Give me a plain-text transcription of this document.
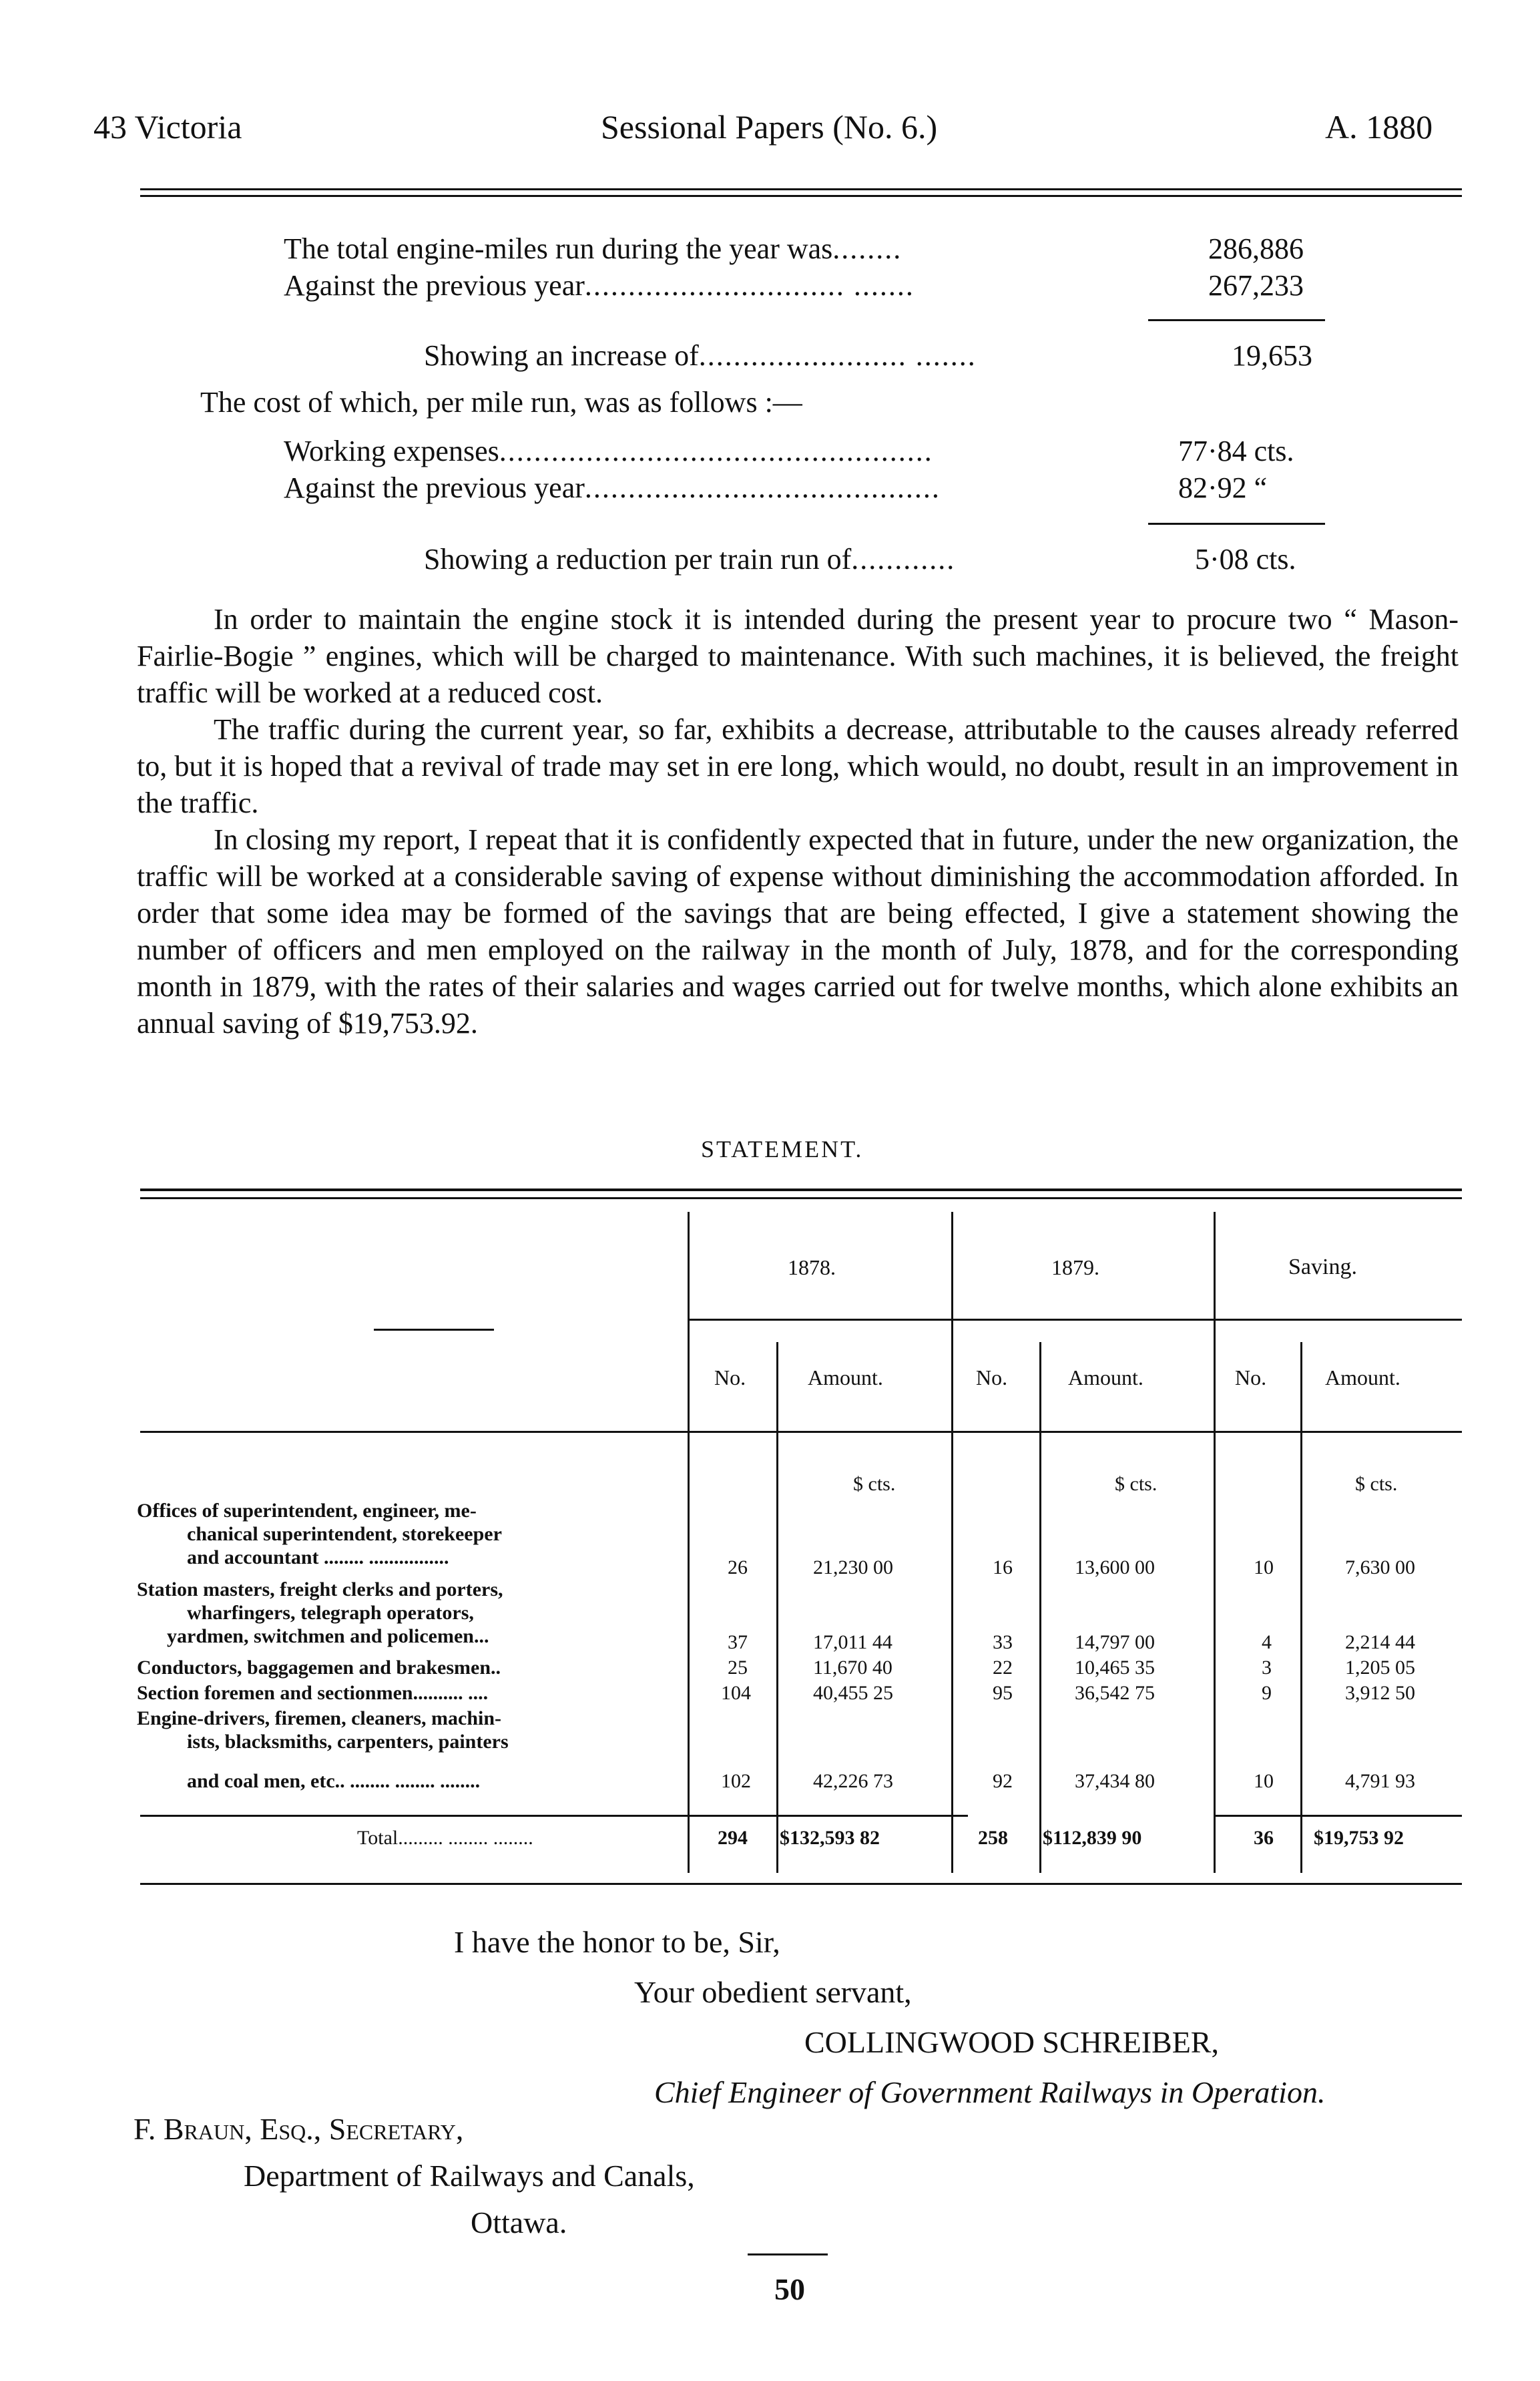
43 Victoria	Sessional Papers (No. 6.)	A. 1880
The total engine-miles run during the year was........	286,886
Against the previous year.............................. .......	267,233
Showing an increase of........................ .......	19,653
The cost of which, per mile run, was as follows :—
Working expenses..................................................	77·84 cts.
Against the previous year.........................................	82·92 “
Showing a reduction per train run of............	5·08 cts.

In order to maintain the engine stock it is intended during the present year to procure two “ Mason-Fairlie-Bogie ” engines, which will be charged to maintenance. With such machines, it is believed, the freight traffic will be worked at a reduced cost.

The traffic during the current year, so far, exhibits a decrease, attributable to the causes already referred to, but it is hoped that a revival of trade may set in ere long, which would, no doubt, result in an improvement in the traffic.

In closing my report, I repeat that it is confidently expected that in future, under the new organization, the traffic will be worked at a considerable saving of expense without diminishing the accommodation afforded. In order that some idea may be formed of the savings that are being effected, I give a statement showing the number of officers and men employed on the railway in the month of July, 1878, and for the corresponding month in 1879, with the rates of their salaries and wages carried out for twelve months, which alone exhibits an annual saving of $19,753.92.

STATEMENT.
1878.	1879.	Saving.
No.	Amount.	No.	Amount.	No.	Amount.
$ cts.	$ cts.	$ cts.
Offices of superintendent, engineer, me-
chanical superintendent, storekeeper
and accountant ........ ................	26	21,230 00	16	13,600 00	10	7,630 00
Station masters, freight clerks and porters,
wharfingers, telegraph operators,
yardmen, switchmen and policemen...	37	17,011 44	33	14,797 00	4	2,214 44
Conductors, baggagemen and brakesmen..	25	11,670 40	22	10,465 35	3	1,205 05
Section foremen and sectionmen.......... ....	104	40,455 25	95	36,542 75	9	3,912 50
Engine-drivers, firemen, cleaners, machin-
ists, blacksmiths, carpenters, painters
and coal men, etc.. ........ ........ ........	102	42,226 73	92	37,434 80	10	4,791 93
Total......... ........ ........	294 $132,593 82	258 $112,839 90	36 $19,753 92
I have the honor to be, Sir,
Your obedient servant,
COLLINGWOOD SCHREIBER,
Chief Engineer of Government Railways in Operation.
F. Braun, Esq., Secretary,
Department of Railways and Canals,
Ottawa.
50
